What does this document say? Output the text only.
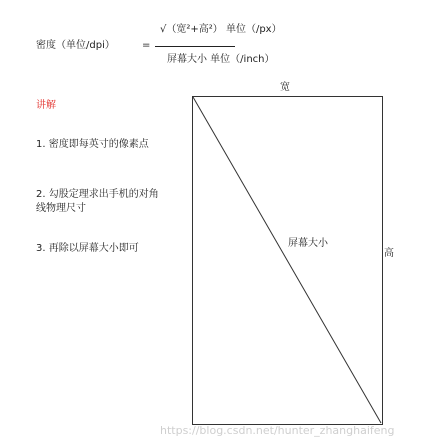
密度（单位/dpi）	=
√（宽²+高²） 单位（/px）
屏幕大小 单位（/inch）
讲解
1. 密度即每英寸的像素点
2. 勾股定理求出手机的对角线物理尺寸
3. 再除以屏幕大小即可
宽
屏幕大小
高
https://blog.csdn.net/hunter_zhanghaifeng
